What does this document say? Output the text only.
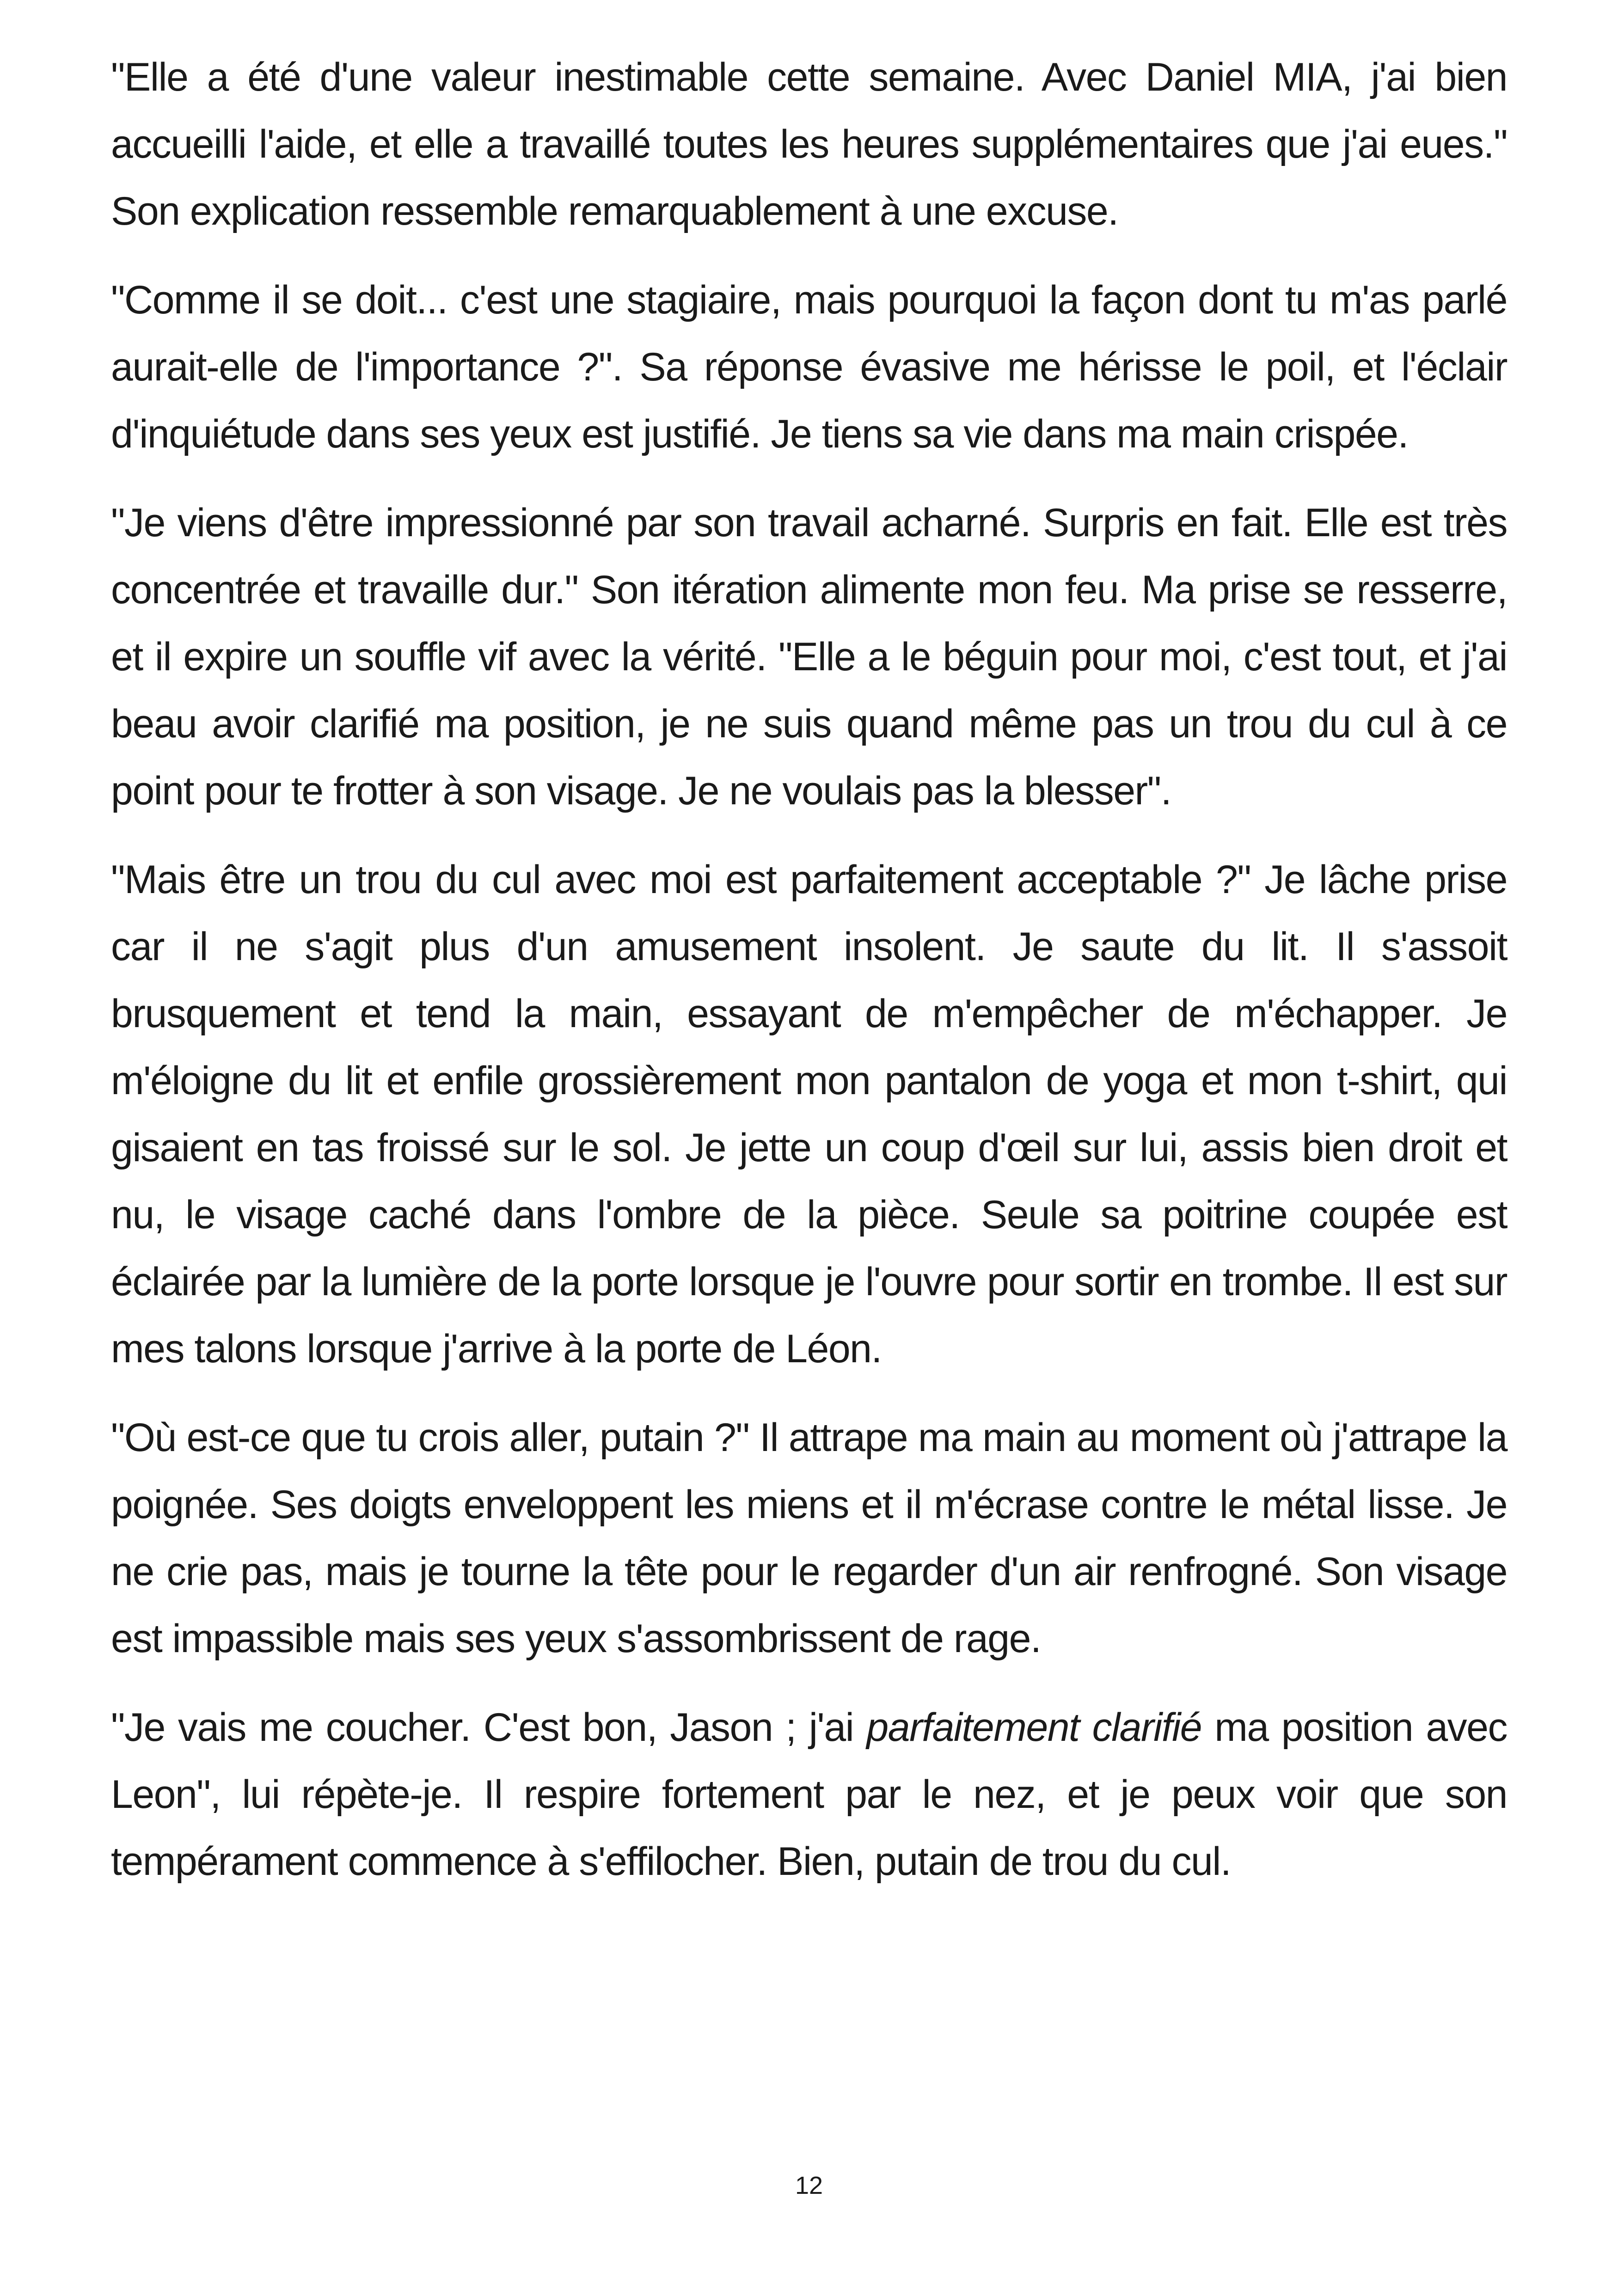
"Elle a été d'une valeur inestimable cette semaine. Avec Daniel MIA, j'ai bien accueilli l'aide, et elle a travaillé toutes les heures supplémentaires que j'ai eues." Son explication ressemble remarquablement à une excuse.

"Comme il se doit... c'est une stagiaire, mais pourquoi la façon dont tu m'as parlé aurait-elle de l'importance ?". Sa réponse évasive me hérisse le poil, et l'éclair d'inquiétude dans ses yeux est justifié. Je tiens sa vie dans ma main crispée.

"Je viens d'être impressionné par son travail acharné. Surpris en fait. Elle est très concentrée et travaille dur." Son itération alimente mon feu. Ma prise se resserre, et il expire un souffle vif avec la vérité. "Elle a le béguin pour moi, c'est tout, et j'ai beau avoir clarifié ma position, je ne suis quand même pas un trou du cul à ce point pour te frotter à son visage. Je ne voulais pas la blesser".

"Mais être un trou du cul avec moi est parfaitement acceptable ?" Je lâche prise car il ne s'agit plus d'un amusement insolent. Je saute du lit. Il s'assoit brusquement et tend la main, essayant de m'empêcher de m'échapper. Je m'éloigne du lit et enfile grossièrement mon pantalon de yoga et mon t-shirt, qui gisaient en tas froissé sur le sol. Je jette un coup d'œil sur lui, assis bien droit et nu, le visage caché dans l'ombre de la pièce. Seule sa poitrine coupée est éclairée par la lumière de la porte lorsque je l'ouvre pour sortir en trombe. Il est sur mes talons lorsque j'arrive à la porte de Léon.

"Où est-ce que tu crois aller, putain ?" Il attrape ma main au moment où j'attrape la poignée. Ses doigts enveloppent les miens et il m'écrase contre le métal lisse. Je ne crie pas, mais je tourne la tête pour le regarder d'un air renfrogné. Son visage est impassible mais ses yeux s'assombrissent de rage.

"Je vais me coucher. C'est bon, Jason ; j'ai parfaitement clarifié ma position avec Leon", lui répète-je. Il respire fortement par le nez, et je peux voir que son tempérament commence à s'effilocher. Bien, putain de trou du cul.

12
